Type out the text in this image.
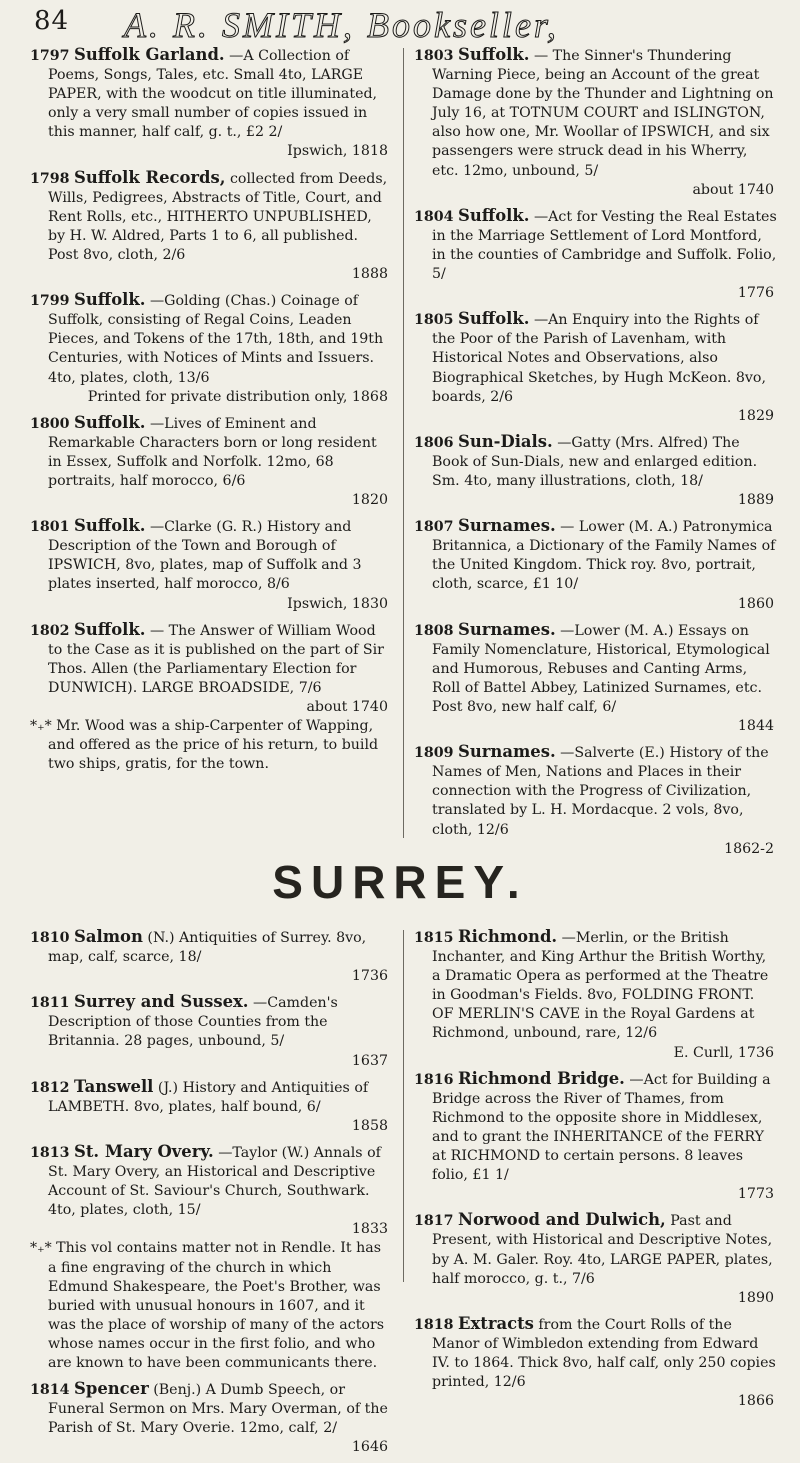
84 A. R. SMITH, Bookseller,

1797 Suffolk Garland. —A Collection of Poems, Songs, Tales, etc. Small 4to, LARGE PAPER, with the woodcut on title illuminated, only a very small number of copies issued in this manner, half calf, g. t., £2 2/
Ipswich, 1818

1798 Suffolk Records, collected from Deeds, Wills, Pedigrees, Abstracts of Title, Court, and Rent Rolls, etc., HITHERTO UNPUBLISHED, by H. W. Aldred, Parts 1 to 6, all published. Post 8vo, cloth, 2/6
1888

1799 Suffolk. —Golding (Chas.) Coinage of Suffolk, consisting of Regal Coins, Leaden Pieces, and Tokens of the 17th, 18th, and 19th Centuries, with Notices of Mints and Issuers. 4to, plates, cloth, 13/6
Printed for private distribution only, 1868

1800 Suffolk. —Lives of Eminent and Remarkable Characters born or long resident in Essex, Suffolk and Norfolk. 12mo, 68 portraits, half morocco, 6/6
1820

1801 Suffolk. —Clarke (G. R.) History and Description of the Town and Borough of IPSWICH, 8vo, plates, map of Suffolk and 3 plates inserted, half morocco, 8/6
Ipswich, 1830

1802 Suffolk. — The Answer of William Wood to the Case as it is published on the part of Sir Thos. Allen (the Parliamentary Election for DUNWICH). LARGE BROADSIDE, 7/6
about 1740
*₊* Mr. Wood was a ship-Carpenter of Wapping, and offered as the price of his return, to build two ships, gratis, for the town.

1803 Suffolk. — The Sinner's Thundering Warning Piece, being an Account of the great Damage done by the Thunder and Lightning on July 16, at TOTNUM COURT and ISLINGTON, also how one, Mr. Woollar of IPSWICH, and six passengers were struck dead in his Wherry, etc. 12mo, unbound, 5/
about 1740

1804 Suffolk. —Act for Vesting the Real Estates in the Marriage Settlement of Lord Montford, in the counties of Cambridge and Suffolk. Folio, 5/
1776

1805 Suffolk. —An Enquiry into the Rights of the Poor of the Parish of Lavenham, with Historical Notes and Observations, also Biographical Sketches, by Hugh McKeon. 8vo, boards, 2/6
1829

1806 Sun-Dials. —Gatty (Mrs. Alfred) The Book of Sun-Dials, new and enlarged edition. Sm. 4to, many illustrations, cloth, 18/
1889

1807 Surnames. — Lower (M. A.) Patronymica Britannica, a Dictionary of the Family Names of the United Kingdom. Thick roy. 8vo, portrait, cloth, scarce, £1 10/
1860

1808 Surnames. —Lower (M. A.) Essays on Family Nomenclature, Historical, Etymological and Humorous, Rebuses and Canting Arms, Roll of Battel Abbey, Latinized Surnames, etc. Post 8vo, new half calf, 6/
1844

1809 Surnames. —Salverte (E.) History of the Names of Men, Nations and Places in their connection with the Progress of Civilization, translated by L. H. Mordacque. 2 vols, 8vo, cloth, 12/6
1862-2

SURREY.

1810 Salmon (N.) Antiquities of Surrey. 8vo, map, calf, scarce, 18/
1736

1811 Surrey and Sussex. —Camden's Description of those Counties from the Britannia. 28 pages, unbound, 5/
1637

1812 Tanswell (J.) History and Antiquities of LAMBETH. 8vo, plates, half bound, 6/
1858

1813 St. Mary Overy. —Taylor (W.) Annals of St. Mary Overy, an Historical and Descriptive Account of St. Saviour's Church, Southwark. 4to, plates, cloth, 15/
1833
*₊* This vol contains matter not in Rendle. It has a fine engraving of the church in which Edmund Shakespeare, the Poet's Brother, was buried with unusual honours in 1607, and it was the place of worship of many of the actors whose names occur in the first folio, and who are known to have been communicants there.

1814 Spencer (Benj.) A Dumb Speech, or Funeral Sermon on Mrs. Mary Overman, of the Parish of St. Mary Overie. 12mo, calf, 2/
1646

1815 Richmond. —Merlin, or the British Inchanter, and King Arthur the British Worthy, a Dramatic Opera as performed at the Theatre in Goodman's Fields. 8vo, FOLDING FRONT. OF MERLIN'S CAVE in the Royal Gardens at Richmond, unbound, rare, 12/6
E. Curll, 1736

1816 Richmond Bridge. —Act for Building a Bridge across the River of Thames, from Richmond to the opposite shore in Middlesex, and to grant the INHERITANCE of the FERRY at RICHMOND to certain persons. 8 leaves folio, £1 1/
1773

1817 Norwood and Dulwich, Past and Present, with Historical and Descriptive Notes, by A. M. Galer. Roy. 4to, LARGE PAPER, plates, half morocco, g. t., 7/6
1890

1818 Extracts from the Court Rolls of the Manor of Wimbledon extending from Edward IV. to 1864. Thick 8vo, half calf, only 250 copies printed, 12/6
1866
